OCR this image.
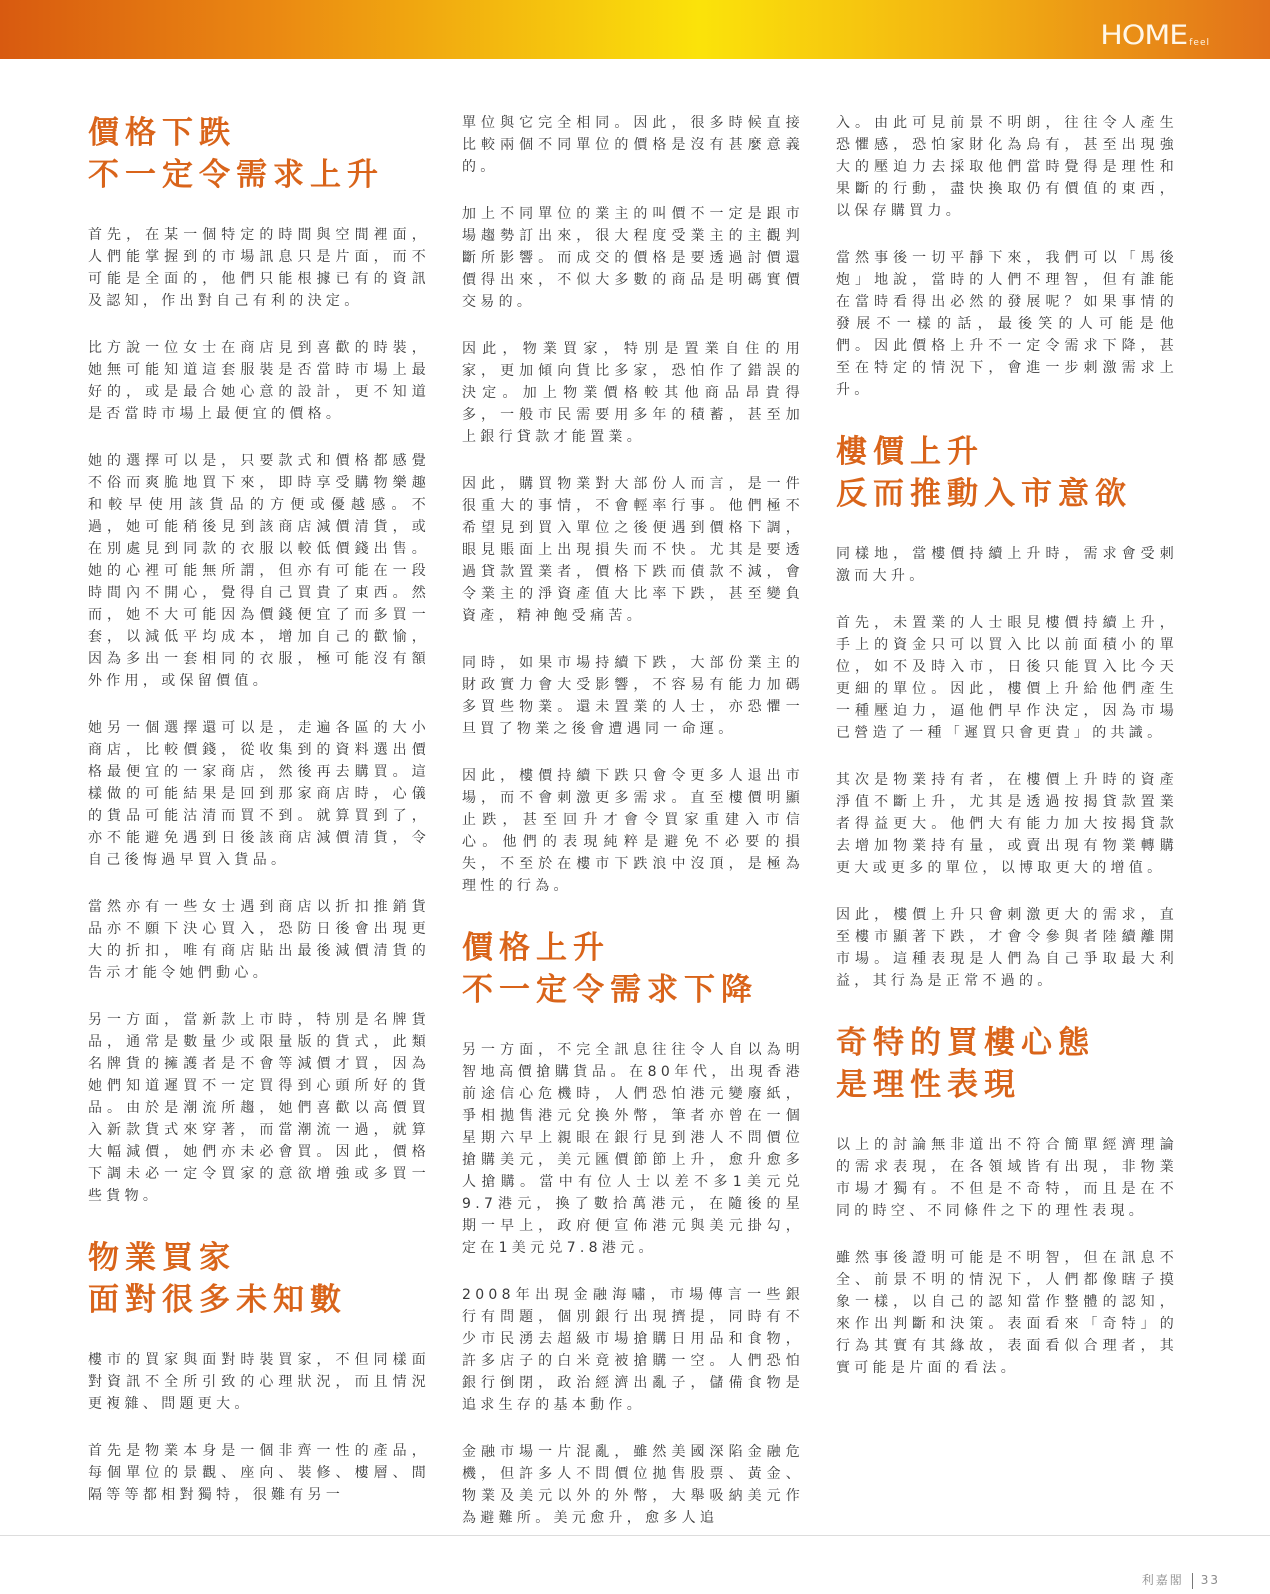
HOME feel
價格下跌
不一定令需求上升

首先，在某一個特定的時間與空間裡面，人們能掌握到的市場訊息只是片面，而不可能是全面的，他們只能根據已有的資訊及認知，作出對自己有利的決定。

比方說一位女士在商店見到喜歡的時裝，她無可能知道這套服裝是否當時市場上最好的，或是最合她心意的設計，更不知道是否當時市場上最便宜的價格。

她的選擇可以是，只要款式和價格都感覺不俗而爽脆地買下來，即時享受購物樂趣和較早使用該貨品的方便或優越感。不過，她可能稍後見到該商店減價清貨，或在別處見到同款的衣服以較低價錢出售。她的心裡可能無所謂，但亦有可能在一段時間內不開心，覺得自己買貴了東西。然而，她不大可能因為價錢便宜了而多買一套，以減低平均成本，增加自己的歡愉，因為多出一套相同的衣服，極可能沒有額外作用，或保留價值。

她另一個選擇還可以是，走遍各區的大小商店，比較價錢，從收集到的資料選出價格最便宜的一家商店，然後再去購買。這樣做的可能結果是回到那家商店時，心儀的貨品可能沽清而買不到。就算買到了，亦不能避免遇到日後該商店減價清貨，令自己後悔過早買入貨品。

當然亦有一些女士遇到商店以折扣推銷貨品亦不願下決心買入，恐防日後會出現更大的折扣，唯有商店貼出最後減價清貨的告示才能令她們動心。

另一方面，當新款上市時，特別是名牌貨品，通常是數量少或限量版的貨式，此類名牌貨的擁護者是不會等減價才買，因為她們知道遲買不一定買得到心頭所好的貨品。由於是潮流所趨，她們喜歡以高價買入新款貨式來穿著，而當潮流一過，就算大幅減價，她們亦未必會買。因此，價格下調未必一定令買家的意欲增強或多買一些貨物。

物業買家
面對很多未知數

樓市的買家與面對時裝買家，不但同樣面對資訊不全所引致的心理狀況，而且情況更複雜、問題更大。

首先是物業本身是一個非齊一性的產品，每個單位的景觀、座向、裝修、樓層、間隔等等都相對獨特，很難有另一

單位與它完全相同。因此，很多時候直接比較兩個不同單位的價格是沒有甚麼意義的。

加上不同單位的業主的叫價不一定是跟市場趨勢訂出來，很大程度受業主的主觀判斷所影響。而成交的價格是要透過討價還價得出來，不似大多數的商品是明碼實價交易的。

因此，物業買家，特別是置業自住的用家，更加傾向貨比多家，恐怕作了錯誤的決定。加上物業價格較其他商品昂貴得多，一般市民需要用多年的積蓄，甚至加上銀行貸款才能置業。

因此，購買物業對大部份人而言，是一件很重大的事情，不會輕率行事。他們極不希望見到買入單位之後便遇到價格下調，眼見賬面上出現損失而不快。尤其是要透過貸款置業者，價格下跌而債款不減，會令業主的淨資產值大比率下跌，甚至變負資產，精神飽受痛苦。

同時，如果市場持續下跌，大部份業主的財政實力會大受影響，不容易有能力加碼多買些物業。還未置業的人士，亦恐懼一旦買了物業之後會遭遇同一命運。

因此，樓價持續下跌只會令更多人退出市場，而不會刺激更多需求。直至樓價明顯止跌，甚至回升才會令買家重建入市信心。他們的表現純粹是避免不必要的損失，不至於在樓市下跌浪中沒頂，是極為理性的行為。

價格上升
不一定令需求下降

另一方面，不完全訊息往往令人自以為明智地高價搶購貨品。在80年代，出現香港前途信心危機時，人們恐怕港元變廢紙，爭相拋售港元兌換外幣，筆者亦曾在一個星期六早上親眼在銀行見到港人不問價位搶購美元，美元匯價節節上升，愈升愈多人搶購。當中有位人士以差不多1美元兑9.7港元，換了數拾萬港元，在隨後的星期一早上，政府便宣佈港元與美元掛勾，定在1美元兑7.8港元。

2008年出現金融海嘯，市場傳言一些銀行有問題，個別銀行出現擠提，同時有不少市民湧去超級市場搶購日用品和食物，許多店子的白米竟被搶購一空。人們恐怕銀行倒閉，政治經濟出亂子，儲備食物是追求生存的基本動作。

金融市場一片混亂，雖然美國深陷金融危機，但許多人不問價位拋售股票、黃金、物業及美元以外的外幣，大舉吸納美元作為避難所。美元愈升，愈多人追

入。由此可見前景不明朗，往往令人產生恐懼感，恐怕家財化為烏有，甚至出現強大的壓迫力去採取他們當時覺得是理性和果斷的行動，盡快換取仍有價值的東西，以保存購買力。

當然事後一切平靜下來，我們可以「馬後炮」地說，當時的人們不理智，但有誰能在當時看得出必然的發展呢？如果事情的發展不一樣的話，最後笑的人可能是他們。因此價格上升不一定令需求下降，甚至在特定的情況下，會進一步刺激需求上升。

樓價上升
反而推動入市意欲

同樣地，當樓價持續上升時，需求會受刺激而大升。

首先，未置業的人士眼見樓價持續上升，手上的資金只可以買入比以前面積小的單位，如不及時入市，日後只能買入比今天更細的單位。因此，樓價上升給他們產生一種壓迫力，逼他們早作決定，因為市場已營造了一種「遲買只會更貴」的共識。

其次是物業持有者，在樓價上升時的資產淨值不斷上升，尤其是透過按揭貸款置業者得益更大。他們大有能力加大按揭貸款去增加物業持有量，或賣出現有物業轉購更大或更多的單位，以博取更大的增值。

因此，樓價上升只會刺激更大的需求，直至樓市顯著下跌，才會令參與者陸續離開市場。這種表現是人們為自己爭取最大利益，其行為是正常不過的。

奇特的買樓心態
是理性表現

以上的討論無非道出不符合簡單經濟理論的需求表現，在各領域皆有出現，非物業市場才獨有。不但是不奇特，而且是在不同的時空、不同條件之下的理性表現。

雖然事後證明可能是不明智，但在訊息不全、前景不明的情況下，人們都像瞎子摸象一樣，以自己的認知當作整體的認知，來作出判斷和決策。表面看來「奇特」的行為其實有其緣故，表面看似合理者，其實可能是片面的看法。

利嘉閣 33
